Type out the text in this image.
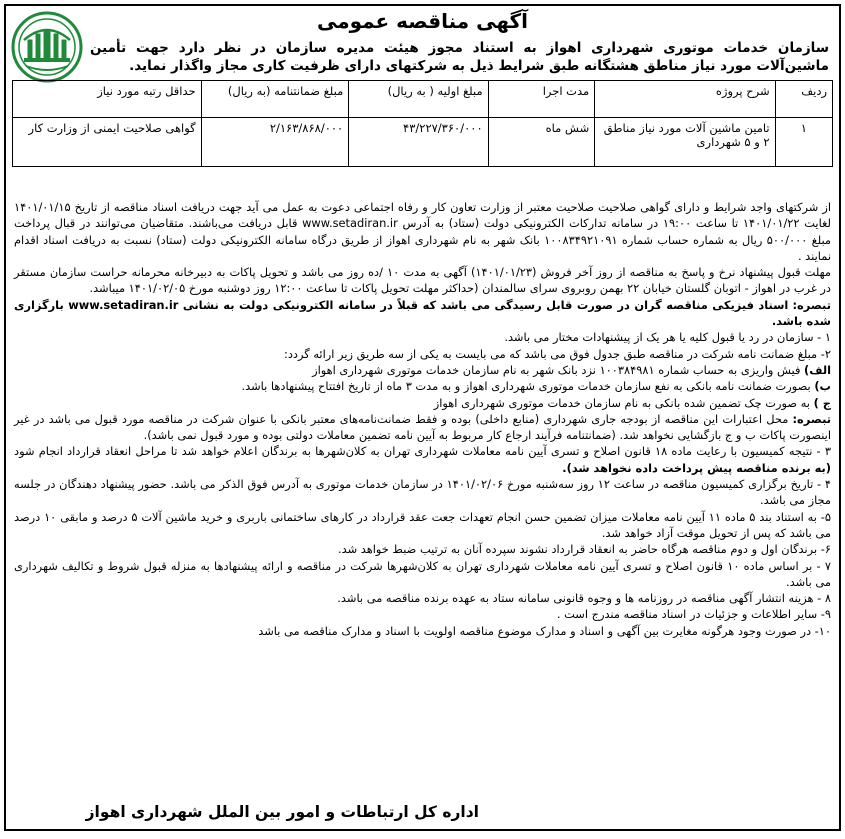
آگهی مناقصه عمومی
سازمان خدمات موتوری شهرداری اهواز به استناد مجوز هیئت مدیره سازمان در نظر دارد جهت تأمین ماشین‌آلات مورد نیاز مناطق هشتگانه طبق شرایط ذیل به شرکتهای دارای ظرفیت کاری مجاز واگذار نماید.
ردیف	شرح پروژه	مدت اجرا	مبلغ اولیه ( به ریال)	مبلغ ضمانتنامه (به ریال)	حداقل رتبه مورد نیاز
۱	تامین ماشین آلات مورد نیاز مناطق ۲ و ۵ شهرداری	شش ماه	۴۳/۲۲۷/۳۶۰/۰۰۰	۲/۱۶۳/۸۶۸/۰۰۰	گواهی صلاحیت ایمنی از وزارت کار

از شرکتهای واجد شرایط و دارای گواهی صلاحیت صلاحیت معتبر از وزارت تعاون کار و رفاه اجتماعی دعوت به عمل می آید جهت دریافت اسناد مناقصه از تاریخ ۱۴۰۱/۰۱/۱۵ لغایت ۱۴۰۱/۰۱/۲۲ تا ساعت ۱۹:۰۰ در سامانه تدارکات الکترونیکی دولت (ستاد) به آدرس www.setadiran.ir قابل دریافت می‌باشند. متقاضیان می‌توانند در قبال پرداخت مبلغ ۵۰۰/۰۰۰ ریال به شماره حساب شماره ۱۰۰۸۳۴۹۲۱۰۹۱ بانک شهر به نام شهرداری اهواز از طریق درگاه سامانه الکترونیکی دولت (ستاد) نسبت به دریافت اسناد اقدام نمایند .

مهلت قبول پیشنهاد نرخ و پاسخ به مناقصه از روز آخر فروش (۱۴۰۱/۰۱/۲۳) آگهی به مدت ۱۰ /ده روز می باشد و تحویل پاکات به دبیرخانه محرمانه حراست سازمان مستقر در غرب در اهواز - اتوبان گلستان خیابان ۲۲ بهمن روبروی سرای سالمندان (حداکثر مهلت تحویل پاکات تا ساعت ۱۲:۰۰ روز دوشنبه مورخ ۱۴۰۱/۰۲/۰۵ میباشد.

تبصره: اسناد فیزیکی مناقصه گران در صورت قابل رسیدگی می باشد که قبلاً در سامانه الکترونیکی دولت به نشانی www.setadiran.ir بارگزاری شده باشد.

۱ - سازمان در رد یا قبول کلیه یا هر یک از پیشنهادات مختار می باشد.

۲- مبلغ ضمانت نامه شرکت در مناقصه طبق جدول فوق می باشد که می بایست به یکی از سه طریق زیر ارائه گردد:

الف) فیش واریزی به حساب شماره ۱۰۰۳۸۴۹۸۱ نزد بانک شهر به نام سازمان خدمات موتوری شهرداری اهواز

ب) بصورت ضمانت نامه بانکی به نفع سازمان خدمات موتوری شهرداری اهواز و به مدت ۳ ماه از تاریخ افتتاح پیشنهادها باشد.

ج ) به صورت چک تضمین شده بانکی به نام سازمان خدمات موتوری شهرداری اهواز

تبصره: محل اعتبارات این مناقصه از بودجه جاری شهرداری (منابع داخلی) بوده و فقط ضمانت‌نامه‌های معتبر بانکی با عنوان شرکت در مناقصه مورد قبول می باشد در غیر اینصورت پاکات ب و ج بازگشایی نخواهد شد. (ضمانتنامه فرآیند ارجاع کار مربوط به آیین نامه تضمین معاملات دولتی بوده و مورد قبول نمی باشد).

۳ - نتیجه کمیسیون با رعایت ماده ۱۸ قانون اصلاح و تسری آیین نامه معاملات شهرداری تهران به کلان‌شهرها به برندگان اعلام خواهد شد تا مراحل انعقاد قرارداد انجام شود (به برنده مناقصه پیش پرداخت داده نخواهد شد).

۴ - تاریخ برگزاری کمیسیون مناقصه در ساعت ۱۲ روز سه‌شنبه مورخ ۱۴۰۱/۰۲/۰۶ در سازمان خدمات موتوری به آدرس فوق الذکر می باشد. حضور پیشنهاد دهندگان در جلسه مجاز می باشد.

۵- به استناد بند ۵ ماده ۱۱ آیین نامه معاملات میزان تضمین حسن انجام تعهدات جعت عقد قرارداد در کارهای ساختمانی باربری و خرید ماشین آلات ۵ درصد و مابقی ۱۰ درصد می باشد که پس از تحویل موقت آزاد خواهد شد.

۶- برندگان اول و دوم مناقصه هرگاه حاضر به انعقاد قرارداد نشوند سپرده آنان به ترتیب ضبط خواهد شد.

۷ - بر اساس ماده ۱۰ قانون اصلاح و تسری آیین نامه معاملات شهرداری تهران به کلان‌شهرها شرکت در مناقصه و ارائه پیشنهادها به منزله قبول شروط و تکالیف شهرداری می باشد.

۸ - هزینه انتشار آگهی مناقصه در روزنامه ها و وجوه قانونی سامانه ستاد به عهده برنده مناقصه می باشد.

۹- سایر اطلاعات و جزئیات در اسناد مناقصه مندرج است .

۱۰- در صورت وجود هرگونه مغایرت بین آگهی و اسناد و مدارک موضوع مناقصه اولویت با اسناد و مدارک مناقصه می باشد

اداره کل ارتباطات و امور بین الملل شهرداری اهواز
